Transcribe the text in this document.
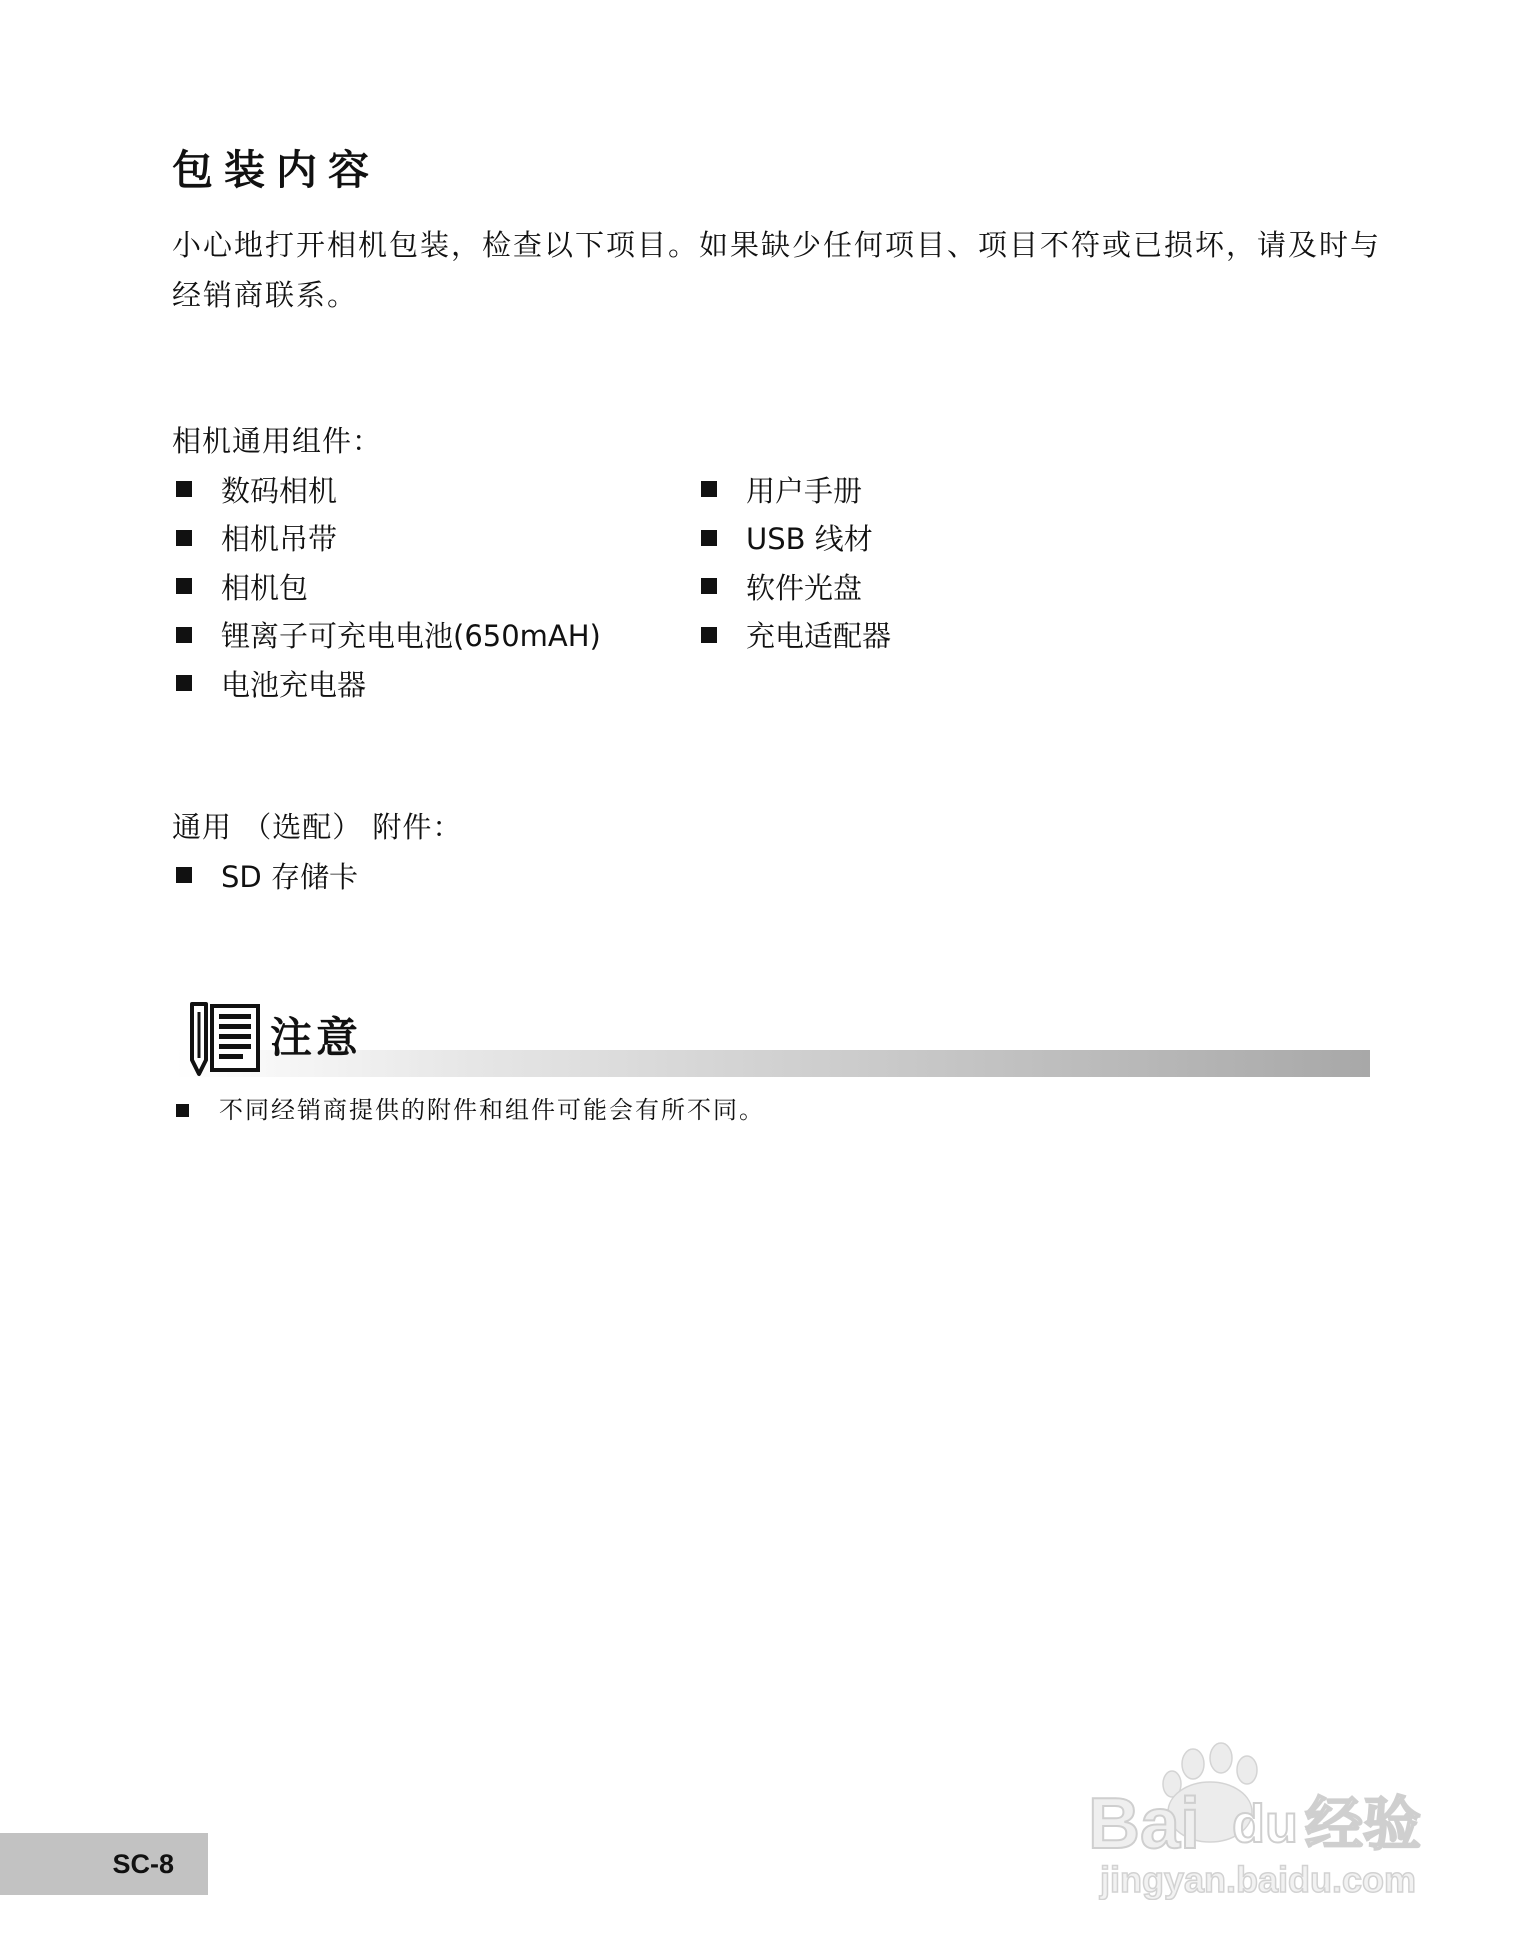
包装内容
小心地打开相机包装，检查以下项目。如果缺少任何项目、项目不符或已损坏，请及时与经销商联系。
相机通用组件：
数码相机
相机吊带
相机包
锂离子可充电电池(650mAH)
电池充电器
用户手册
USB 线材
软件光盘
充电适配器
通用 （选配） 附件：
SD 存储卡
注意
不同经销商提供的附件和组件可能会有所不同。
SC-8	Bai du 经验
jingyan.baidu.com
